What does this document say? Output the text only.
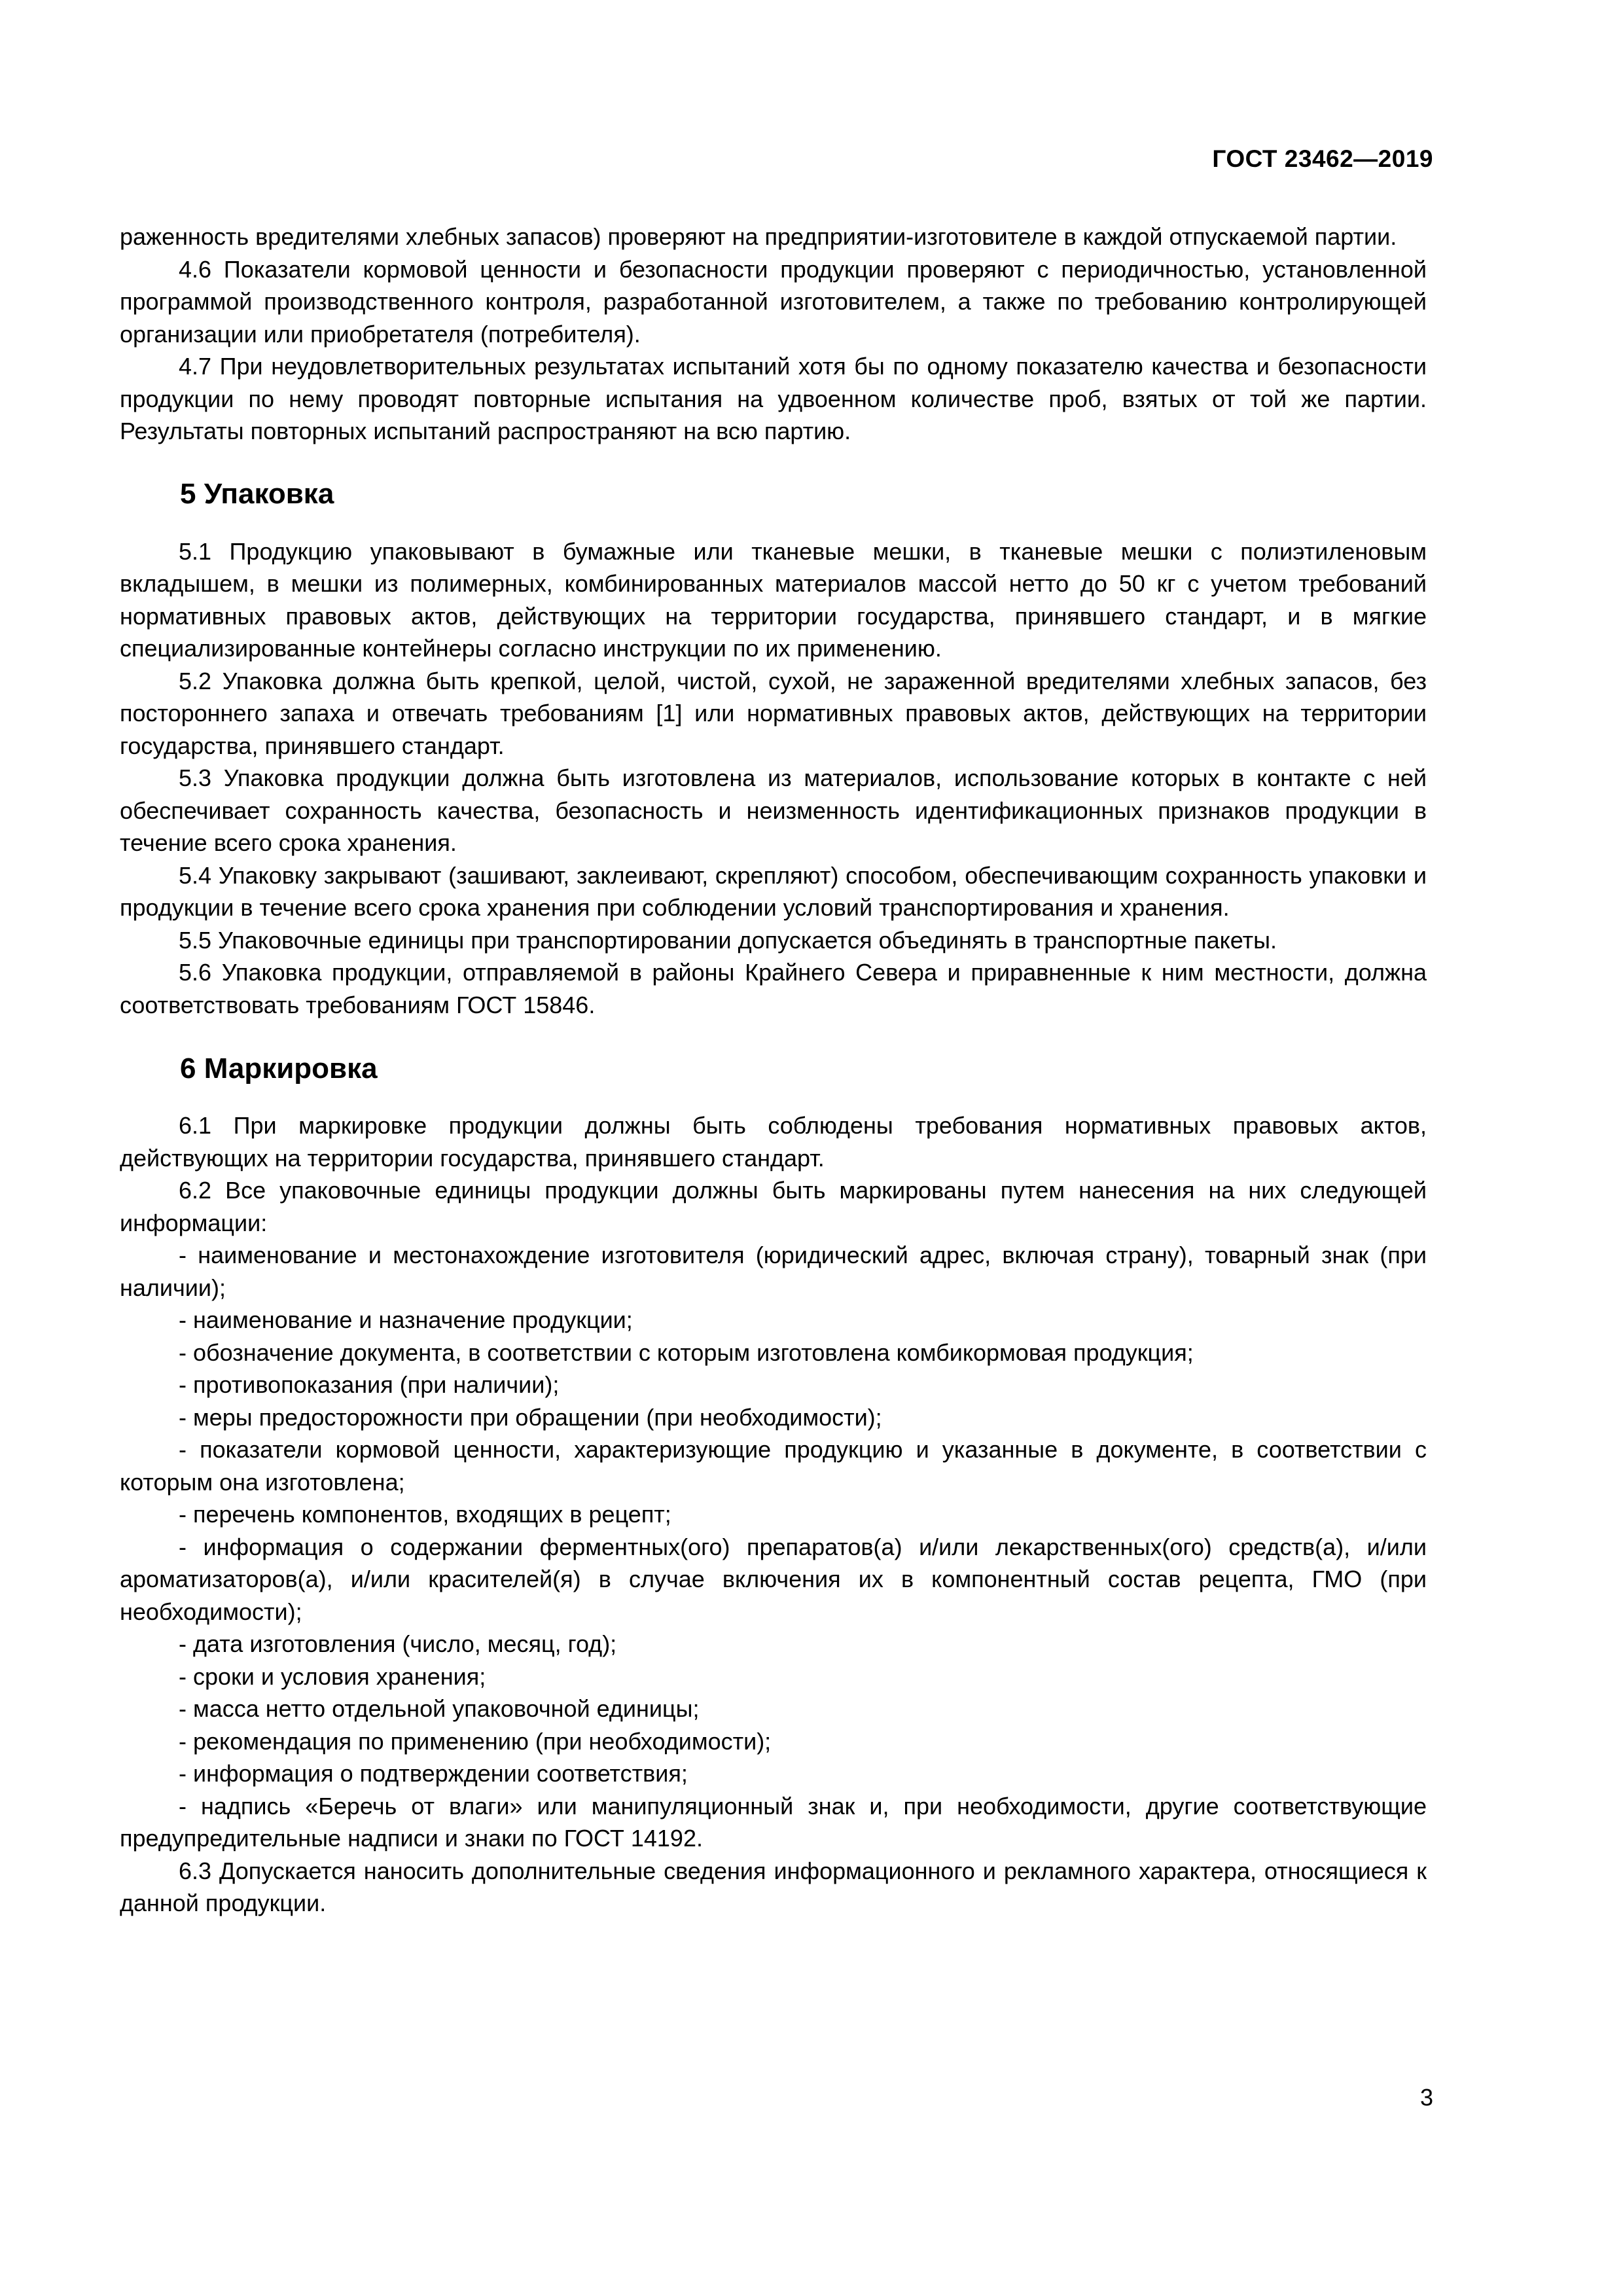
ГОСТ 23462—2019

раженность вредителями хлебных запасов) проверяют на предприятии-изготовителе в каждой отпускаемой партии.

4.6 Показатели кормовой ценности и безопасности продукции проверяют с периодичностью, установленной программой производственного контроля, разработанной изготовителем, а также по требованию контролирующей организации или приобретателя (потребителя).

4.7 При неудовлетворительных результатах испытаний хотя бы по одному показателю качества и безопасности продукции по нему проводят повторные испытания на удвоенном количестве проб, взятых от той же партии. Результаты повторных испытаний распространяют на всю партию.

5 Упаковка

5.1 Продукцию упаковывают в бумажные или тканевые мешки, в тканевые мешки с полиэтиленовым вкладышем, в мешки из полимерных, комбинированных материалов массой нетто до 50 кг с учетом требований нормативных правовых актов, действующих на территории государства, принявшего стандарт, и в мягкие специализированные контейнеры согласно инструкции по их применению.

5.2 Упаковка должна быть крепкой, целой, чистой, сухой, не зараженной вредителями хлебных запасов, без постороннего запаха и отвечать требованиям [1] или нормативных правовых актов, действующих на территории государства, принявшего стандарт.

5.3 Упаковка продукции должна быть изготовлена из материалов, использование которых в контакте с ней обеспечивает сохранность качества, безопасность и неизменность идентификационных признаков продукции в течение всего срока хранения.

5.4 Упаковку закрывают (зашивают, заклеивают, скрепляют) способом, обеспечивающим сохранность упаковки и продукции в течение всего срока хранения при соблюдении условий транспортирования и хранения.

5.5 Упаковочные единицы при транспортировании допускается объединять в транспортные пакеты.

5.6 Упаковка продукции, отправляемой в районы Крайнего Севера и приравненные к ним местности, должна соответствовать требованиям ГОСТ 15846.

6 Маркировка

6.1 При маркировке продукции должны быть соблюдены требования нормативных правовых актов, действующих на территории государства, принявшего стандарт.

6.2 Все упаковочные единицы продукции должны быть маркированы путем нанесения на них следующей информации:

- наименование и местонахождение изготовителя (юридический адрес, включая страну), товарный знак (при наличии);

- наименование и назначение продукции;

- обозначение документа, в соответствии с которым изготовлена комбикормовая продукция;

- противопоказания (при наличии);

- меры предосторожности при обращении (при необходимости);

- показатели кормовой ценности, характеризующие продукцию и указанные в документе, в соответствии с которым она изготовлена;

- перечень компонентов, входящих в рецепт;

- информация о содержании ферментных(ого) препаратов(а) и/или лекарственных(ого) средств(а), и/или ароматизаторов(а), и/или красителей(я) в случае включения их в компонентный состав рецепта, ГМО (при необходимости);

- дата изготовления (число, месяц, год);

- сроки и условия хранения;

- масса нетто отдельной упаковочной единицы;

- рекомендация по применению (при необходимости);

- информация о подтверждении соответствия;

- надпись «Беречь от влаги» или манипуляционный знак и, при необходимости, другие соответствующие предупредительные надписи и знаки по ГОСТ 14192.

6.3 Допускается наносить дополнительные сведения информационного и рекламного характера, относящиеся к данной продукции.

3
